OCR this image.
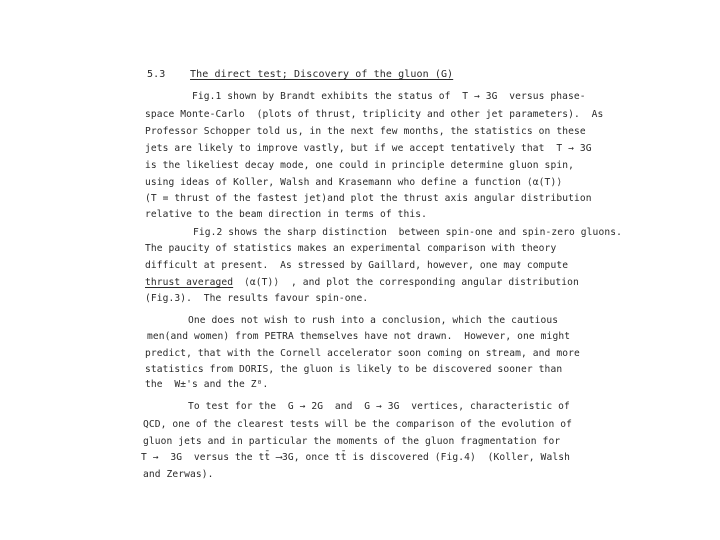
5.3 The direct test; Discovery of the gluon (G)
Fig.1 shown by Brandt exhibits the status of  T → 3G  versus phase-
space Monte-Carlo  (plots of thrust, triplicity and other jet parameters).  As
Professor Schopper told us, in the next few months, the statistics on these
jets are likely to improve vastly, but if we accept tentatively that  T → 3G
is the likeliest decay mode, one could in principle determine gluon spin,
using ideas of Koller, Walsh and Krasemann who define a function ⟨α(T)⟩
(T = thrust of the fastest jet)and plot the thrust axis angular distribution
relative to the beam direction in terms of this.
Fig.2 shows the sharp distinction  between spin-one and spin-zero gluons.
The paucity of statistics makes an experimental comparison with theory
difficult at present.  As stressed by Gaillard, however, one may compute
thrust averaged ⟨α(T)⟩  , and plot the corresponding angular distribution
(Fig.3).  The results favour spin-one.
One does not wish to rush into a conclusion, which the cautious
men(and women) from PETRA themselves have not drawn.  However, one might
predict, that with the Cornell accelerator soon coming on stream, and more
statistics from DORIS, the gluon is likely to be discovered sooner than
the  W±'s and the Z⁰.
To test for the  G → 2G  and  G → 3G  vertices, characteristic of
QCD, one of the clearest tests will be the comparison of the evolution of
gluon jets and in particular the moments of the gluon fragmentation for
T →  3G  versus the tt̄ ⟶3G, once tt̄ is discovered (Fig.4)  (Koller, Walsh
and Zerwas).
